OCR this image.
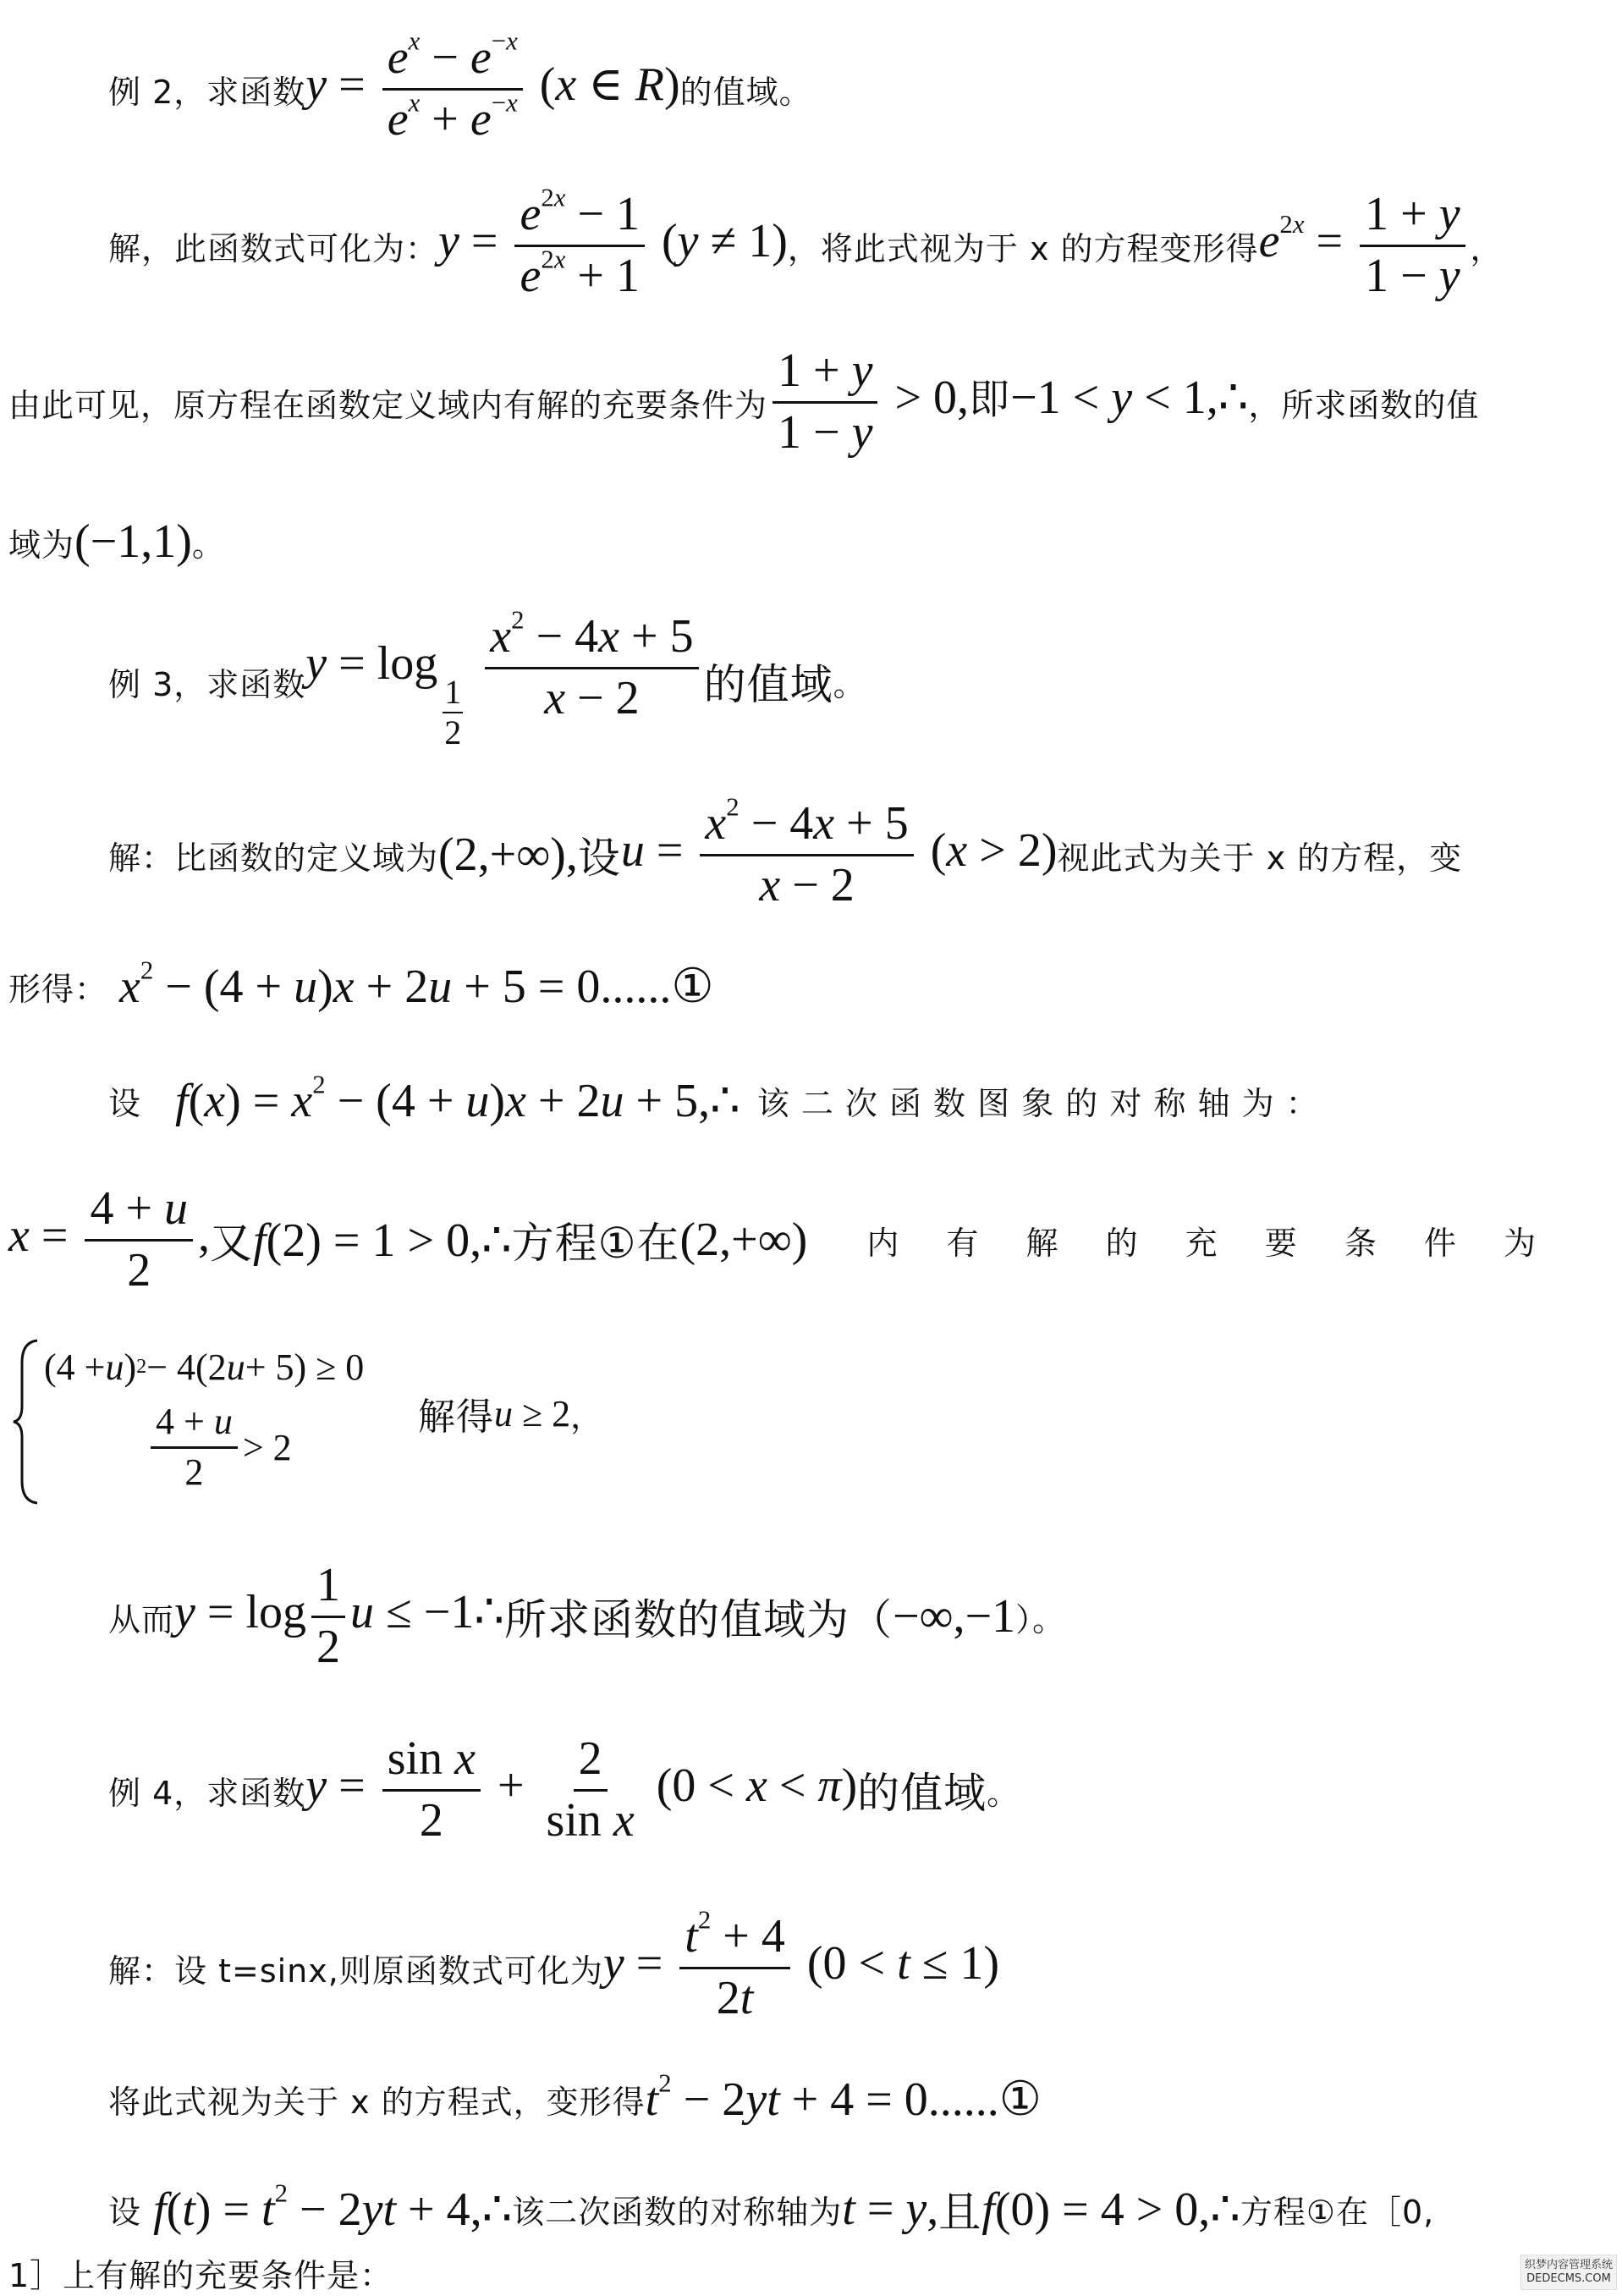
例 2，求函数 $y = \frac{e^x - e^{-x}}{e^x + e^{-x}} (x$ ∈ R) 的值域。
解，此函数式可化为： $y = \frac{e^{2x} - 1}{e^{2x} + 1} (y \ne 1)$ ，将此式视为于 x 的方程变形得 $e^{2x} = \frac{1 + y}{1 - y}$ ，
由此可见，原方程在函数定义域内有解的充要条件为 $\frac{1 + y}{1 - y} > 0$,即−1 < y < 1,∴ ，所求函数的值
域为 (−1,1) 。
例 3，求函数 y = log
$_{\frac{1}{2}}$
$\frac{x^2 - 4x + 5}{x - 2}$ 的值域 。
解：比函数的定义域为 (2,+∞), 设 $u = \frac{x^2 - 4x + 5}{x - 2} (x > 2)$ 视此式为关于 x 的方程，变
形得： $x^2 - (4 + u)x + 2u + 5$ = 0......①
设 $f(x) = x^2 - (4 + u)x + 2u$ + 5,∴ 该 二 次 函 数 图 象 的 对 称 轴 为 ：
$x = \frac{4 + u}{2}$ , 又 f(2) = 1 > 0,∴ 方程①在 (2,+∞) 内 有 解 的 充 要 条 件 为
(4 + u ) 2 − 4(2 u + 5) ≥ 0
$\frac{4 + u}{2} > 2$
解得 u ≥ 2 ，
从而 $y = \log \frac{1}{2}$ u ≤ −1∴ 所求函数的值域为（ −∞,−1 ）。
例 4，求函数 $y = \frac{\text{sin x}}{2} + \frac{2}{\text{sin x}} (0 < x < \pi)$ 的值域 。
解：设 t=sinx,则原函数式可化为 $y = \frac{t^2 + 4}{2t} (0 < t \le 1)$
将此式视为关于 x 的方程式，变形得 $t^2 - 2yt + 4$ = 0......①
设 $f(t) = t^2 - 2yt$ + 4,∴ 该二次函数的对称轴为 t = y, 且 f(0) = 4 > 0,∴ 方程①在［0,
1］上有解的充要条件是：	织梦内容管理系统
DEDECMS.COM
